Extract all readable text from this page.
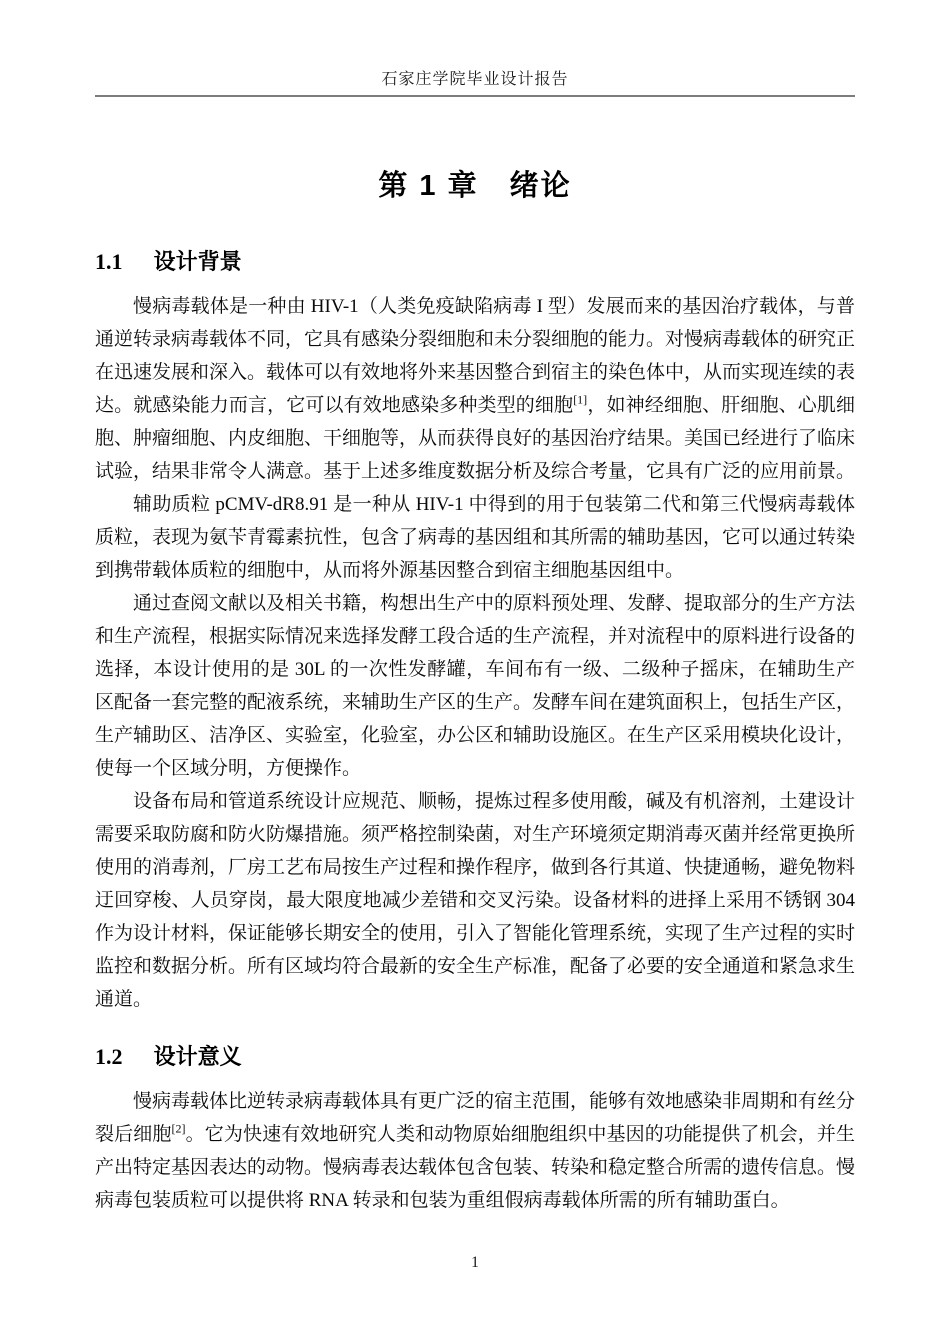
石家庄学院毕业设计报告
第 1 章　绪论
1.1 设计背景

慢病毒载体是一种由 HIV-1（人类免疫缺陷病毒 I 型）发展而来的基因治疗载体，与普通逆转录病毒载体不同，它具有感染分裂细胞和未分裂细胞的能力。对慢病毒载体的研究正在迅速发展和深入。载体可以有效地将外来基因整合到宿主的染色体中，从而实现连续的表达。就感染能力而言，它可以有效地感染多种类型的细胞[1]，如神经细胞、肝细胞、心肌细胞、肿瘤细胞、内皮细胞、干细胞等，从而获得良好的基因治疗结果。美国已经进行了临床试验，结果非常令人满意。基于上述多维度数据分析及综合考量，它具有广泛的应用前景。

辅助质粒 pCMV-dR8.91 是一种从 HIV-1 中得到的用于包装第二代和第三代慢病毒载体质粒，表现为氨苄青霉素抗性，包含了病毒的基因组和其所需的辅助基因，它可以通过转染到携带载体质粒的细胞中，从而将外源基因整合到宿主细胞基因组中。

通过查阅文献以及相关书籍，构想出生产中的原料预处理、发酵、提取部分的生产方法和生产流程，根据实际情况来选择发酵工段合适的生产流程，并对流程中的原料进行设备的选择，本设计使用的是 30L 的一次性发酵罐，车间布有一级、二级种子摇床，在辅助生产区配备一套完整的配液系统，来辅助生产区的生产。发酵车间在建筑面积上，包括生产区，生产辅助区、洁净区、实验室，化验室，办公区和辅助设施区。在生产区采用模块化设计，使每一个区域分明，方便操作。

设备布局和管道系统设计应规范、顺畅，提炼过程多使用酸，碱及有机溶剂，土建设计需要采取防腐和防火防爆措施。须严格控制染菌，对生产环境须定期消毒灭菌并经常更换所使用的消毒剂，厂房工艺布局按生产过程和操作程序，做到各行其道、快捷通畅，避免物料迂回穿梭、人员穿岗，最大限度地减少差错和交叉污染。设备材料的进择上采用不锈钢 304 作为设计材料，保证能够长期安全的使用，引入了智能化管理系统，实现了生产过程的实时监控和数据分析。所有区域均符合最新的安全生产标准，配备了必要的安全通道和紧急求生通道。

1.2 设计意义

慢病毒载体比逆转录病毒载体具有更广泛的宿主范围，能够有效地感染非周期和有丝分裂后细胞[2]。它为快速有效地研究人类和动物原始细胞组织中基因的功能提供了机会，并生产出特定基因表达的动物。慢病毒表达载体包含包装、转染和稳定整合所需的遗传信息。慢病毒包装质粒可以提供将 RNA 转录和包装为重组假病毒载体所需的所有辅助蛋白。

1
